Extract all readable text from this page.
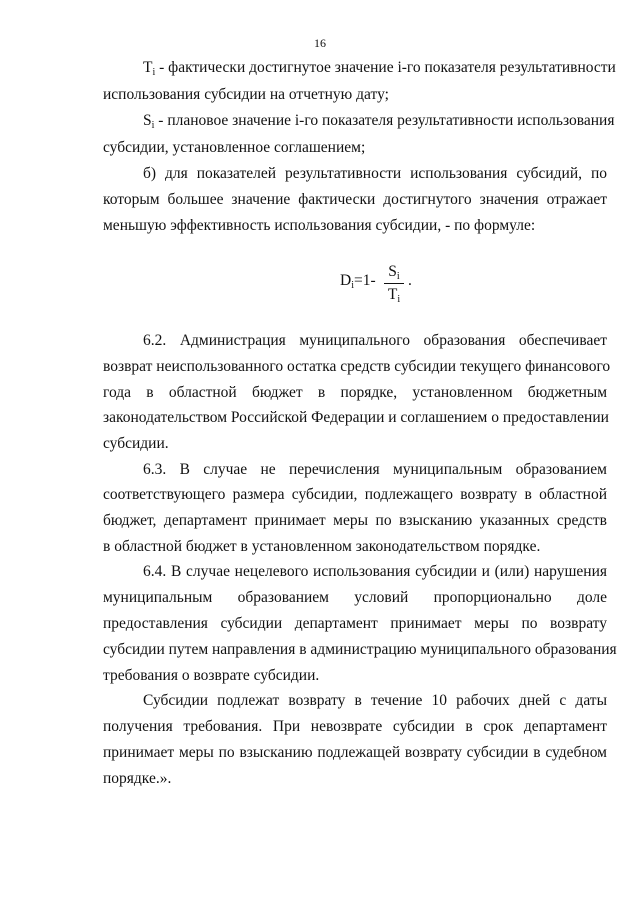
16
Ti - фактически достигнутое значение i-го показателя результативности
использования субсидии на отчетную дату;
Si - плановое значение i-го показателя результативности использования
субсидии, установленное соглашением;
б) для показателей результативности использования субсидий, по
которым большее значение фактически достигнутого значения отражает
меньшую эффективность использования субсидии, - по формуле:
Di=1-
Si
Ti
.
6.2. Администрация муниципального образования обеспечивает
возврат неиспользованного остатка средств субсидии текущего финансового
года в областной бюджет в порядке, установленном бюджетным
законодательством Российской Федерации и соглашением о предоставлении
субсидии.
6.3. В случае не перечисления муниципальным образованием
соответствующего размера субсидии, подлежащего возврату в областной
бюджет, департамент принимает меры по взысканию указанных средств
в областной бюджет в установленном законодательством порядке.
6.4. В случае нецелевого использования субсидии и (или) нарушения
муниципальным образованием условий пропорционально доле
предоставления субсидии департамент принимает меры по возврату
субсидии путем направления в администрацию муниципального образования
требования о возврате субсидии.
Субсидии подлежат возврату в течение 10 рабочих дней с даты
получения требования. При невозврате субсидии в срок департамент
принимает меры по взысканию подлежащей возврату субсидии в судебном
порядке.».
